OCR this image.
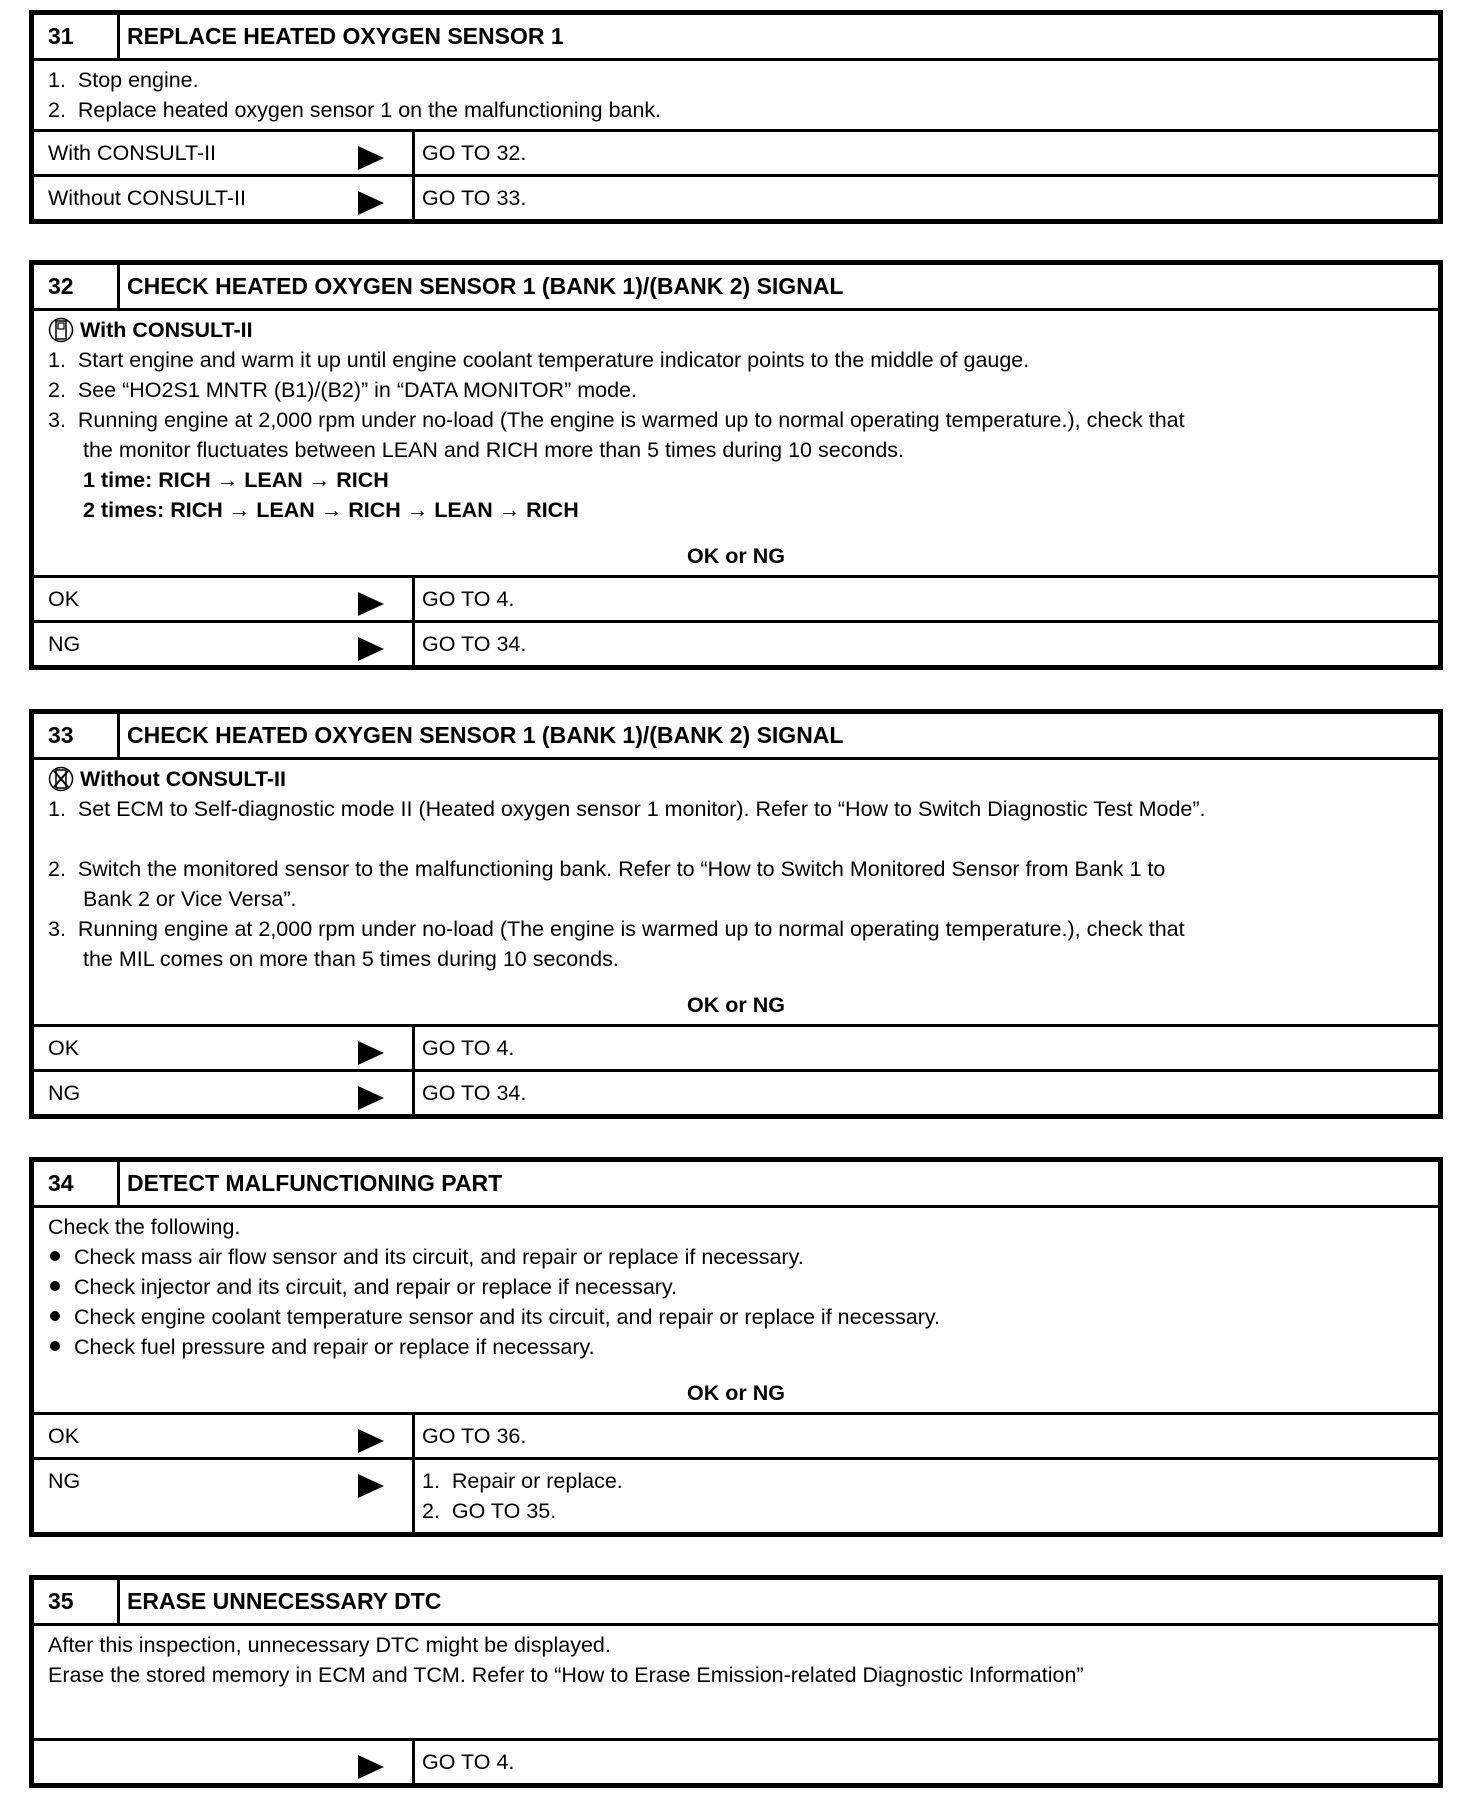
31	REPLACE HEATED OXYGEN SENSOR 1
1.  Stop engine.
2.  Replace heated oxygen sensor 1 on the malfunctioning bank.
With CONSULT-II	GO TO 32.
Without CONSULT-II	GO TO 33.
32	CHECK HEATED OXYGEN SENSOR 1 (BANK 1)/(BANK 2) SIGNAL
With CONSULT-II
1.  Start engine and warm it up until engine coolant temperature indicator points to the middle of gauge.
2.  See “HO2S1 MNTR (B1)/(B2)” in “DATA MONITOR” mode.
3.  Running engine at 2,000 rpm under no-load (The engine is warmed up to normal operating temperature.), check that
the monitor fluctuates between LEAN and RICH more than 5 times during 10 seconds.
1 time: RICH → LEAN → RICH
2 times: RICH → LEAN → RICH → LEAN → RICH
OK or NG
OK	GO TO 4.
NG	GO TO 34.
33	CHECK HEATED OXYGEN SENSOR 1 (BANK 1)/(BANK 2) SIGNAL
Without CONSULT-II
1.  Set ECM to Self-diagnostic mode II (Heated oxygen sensor 1 monitor). Refer to “How to Switch Diagnostic Test Mode”.
2.  Switch the monitored sensor to the malfunctioning bank. Refer to “How to Switch Monitored Sensor from Bank 1 to
Bank 2 or Vice Versa”.
3.  Running engine at 2,000 rpm under no-load (The engine is warmed up to normal operating temperature.), check that
the MIL comes on more than 5 times during 10 seconds.
OK or NG
OK	GO TO 4.
NG	GO TO 34.
34	DETECT MALFUNCTIONING PART
Check the following.
Check mass air flow sensor and its circuit, and repair or replace if necessary.
Check injector and its circuit, and repair or replace if necessary.
Check engine coolant temperature sensor and its circuit, and repair or replace if necessary.
Check fuel pressure and repair or replace if necessary.
OK or NG
OK	GO TO 36.
NG	1.  Repair or replace.
2.  GO TO 35.
35	ERASE UNNECESSARY DTC
After this inspection, unnecessary DTC might be displayed.
Erase the stored memory in ECM and TCM. Refer to “How to Erase Emission-related Diagnostic Information”
GO TO 4.
